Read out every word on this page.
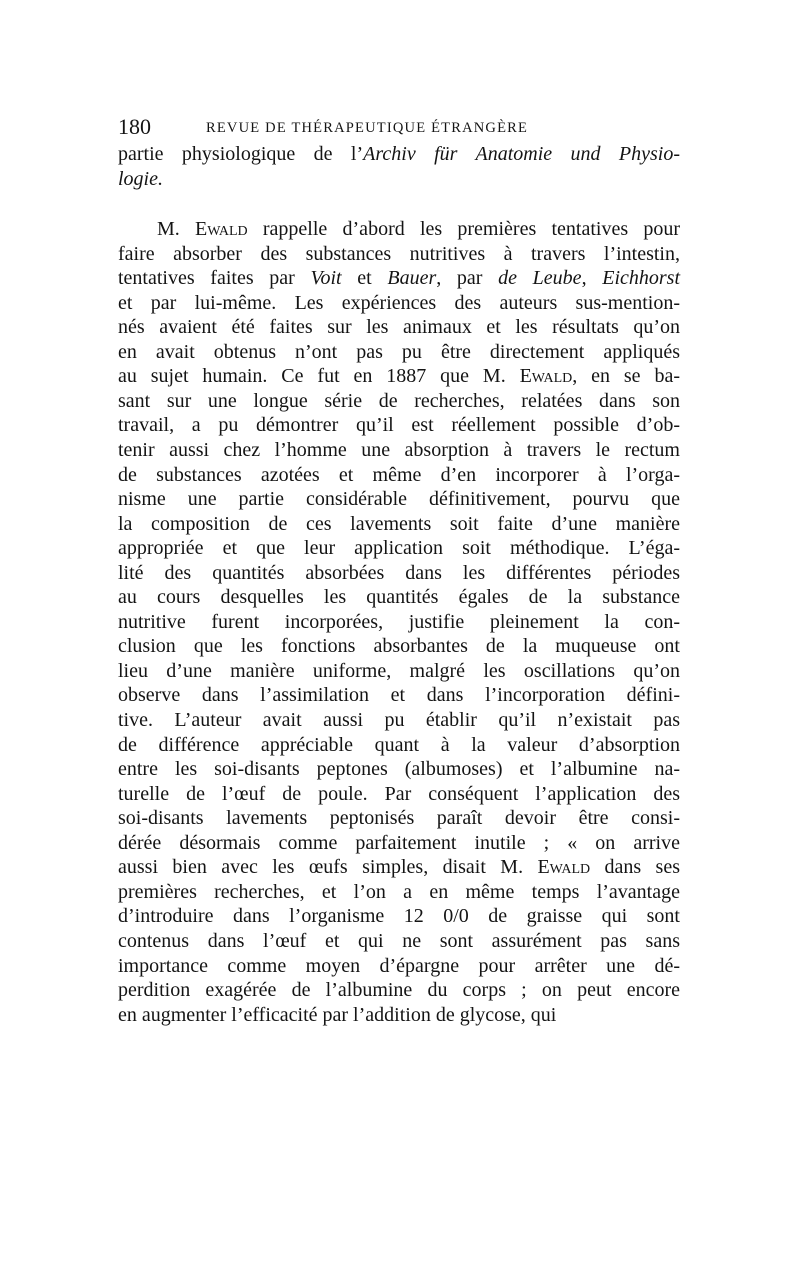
180	REVUE DE THÉRAPEUTIQUE ÉTRANGÈRE
partie physiologique de l’Archiv für Anatomie und Physio-
logie.
M. Ewald rappelle d’abord les premières tentatives pour
faire absorber des substances nutritives à travers l’intestin,
tentatives faites par Voit et Bauer, par de Leube, Eichhorst
et par lui-même. Les expériences des auteurs sus-mention-
nés avaient été faites sur les animaux et les résultats qu’on
en avait obtenus n’ont pas pu être directement appliqués
au sujet humain. Ce fut en 1887 que M. Ewald, en se ba-
sant sur une longue série de recherches, relatées dans son
travail, a pu démontrer qu’il est réellement possible d’ob-
tenir aussi chez l’homme une absorption à travers le rectum
de substances azotées et même d’en incorporer à l’orga-
nisme une partie considérable définitivement, pourvu que
la composition de ces lavements soit faite d’une manière
appropriée et que leur application soit méthodique. L’éga-
lité des quantités absorbées dans les différentes périodes
au cours desquelles les quantités égales de la substance
nutritive furent incorporées, justifie pleinement la con-
clusion que les fonctions absorbantes de la muqueuse ont
lieu d’une manière uniforme, malgré les oscillations qu’on
observe dans l’assimilation et dans l’incorporation défini-
tive. L’auteur avait aussi pu établir qu’il n’existait pas
de différence appréciable quant à la valeur d’absorption
entre les soi-disants peptones (albumoses) et l’albumine na-
turelle de l’œuf de poule. Par conséquent l’application des
soi-disants lavements peptonisés paraît devoir être consi-
dérée désormais comme parfaitement inutile ; « on arrive
aussi bien avec les œufs simples, disait M. Ewald dans ses
premières recherches, et l’on a en même temps l’avantage
d’introduire dans l’organisme 12 0/0 de graisse qui sont
contenus dans l’œuf et qui ne sont assurément pas sans
importance comme moyen d’épargne pour arrêter une dé-
perdition exagérée de l’albumine du corps ; on peut encore
en augmenter l’efficacité par l’addition de glycose, qui
